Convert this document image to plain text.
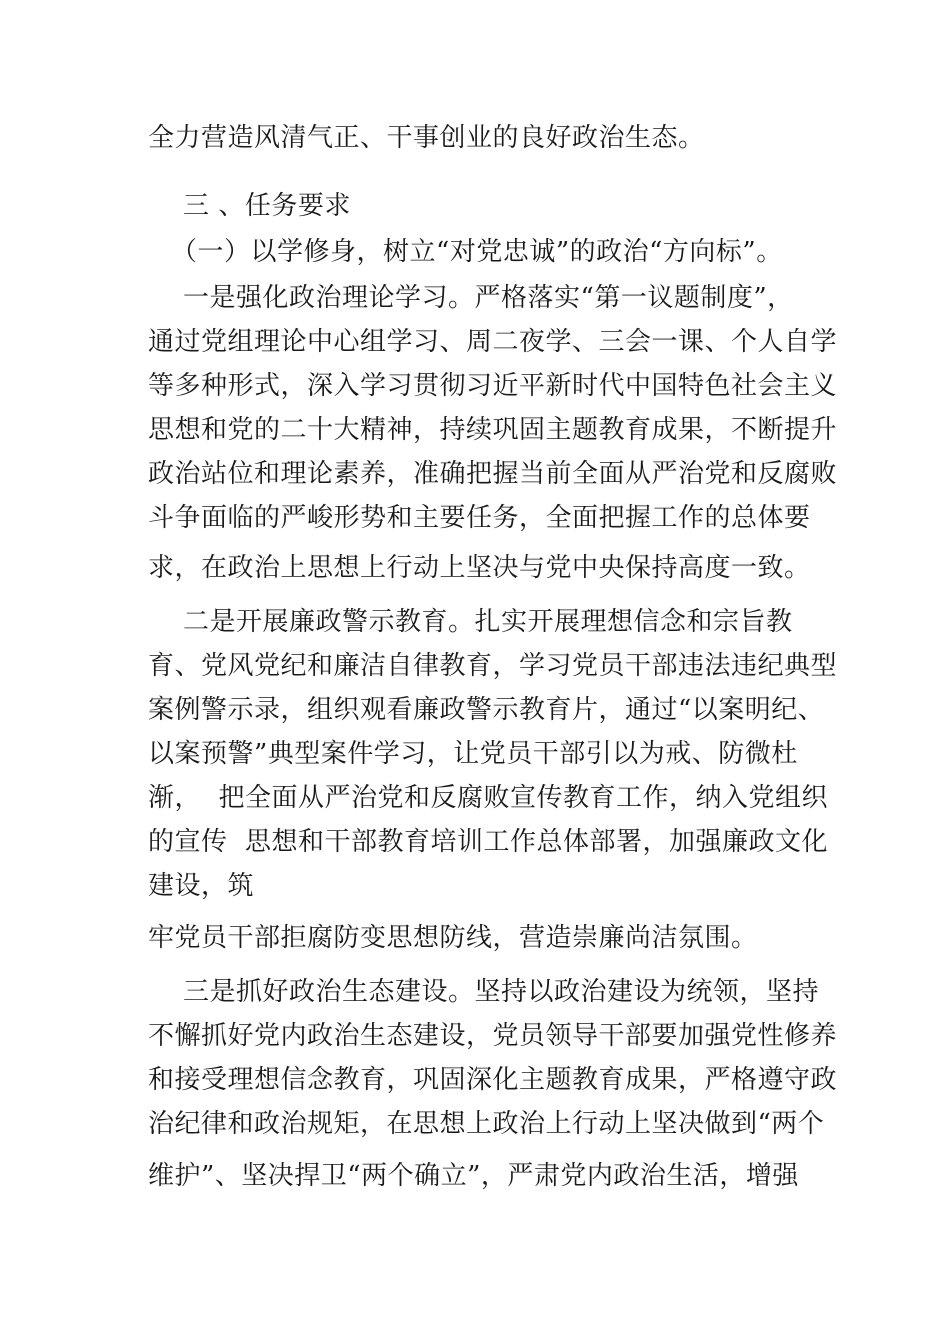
全力营造风清气正、干事创业的良好政治生态。
三 、任务要求
（一）以学修身，树立“对党忠诚”的政治“方向标”。
一是强化政治理论学习。严格落实“第一议题制度”，
通过党组理论中心组学习、周二夜学、三会一课、个人自学
等多种形式，深入学习贯彻习近平新时代中国特色社会主义
思想和党的二十大精神，持续巩固主题教育成果，不断提升
政治站位和理论素养，准确把握当前全面从严治党和反腐败
斗争面临的严峻形势和主要任务，全面把握工作的总体要
求，在政治上思想上行动上坚决与党中央保持高度一致。
二是开展廉政警示教育。扎实开展理想信念和宗旨教
育、党风党纪和廉洁自律教育，学习党员干部违法违纪典型
案例警示录，组织观看廉政警示教育片，通过“以案明纪、
以案预警”典型案件学习，让党员干部引以为戒、防微杜
渐，  把全面从严治党和反腐败宣传教育工作，纳入党组织
的宣传  思想和干部教育培训工作总体部署，加强廉政文化
建设，筑
牢党员干部拒腐防变思想防线，营造崇廉尚洁氛围。
三是抓好政治生态建设。坚持以政治建设为统领，坚持
不懈抓好党内政治生态建设，党员领导干部要加强党性修养
和接受理想信念教育，巩固深化主题教育成果，严格遵守政
治纪律和政治规矩，在思想上政治上行动上坚决做到“两个
维护”、坚决捍卫“两个确立”，严肃党内政治生活，增强
